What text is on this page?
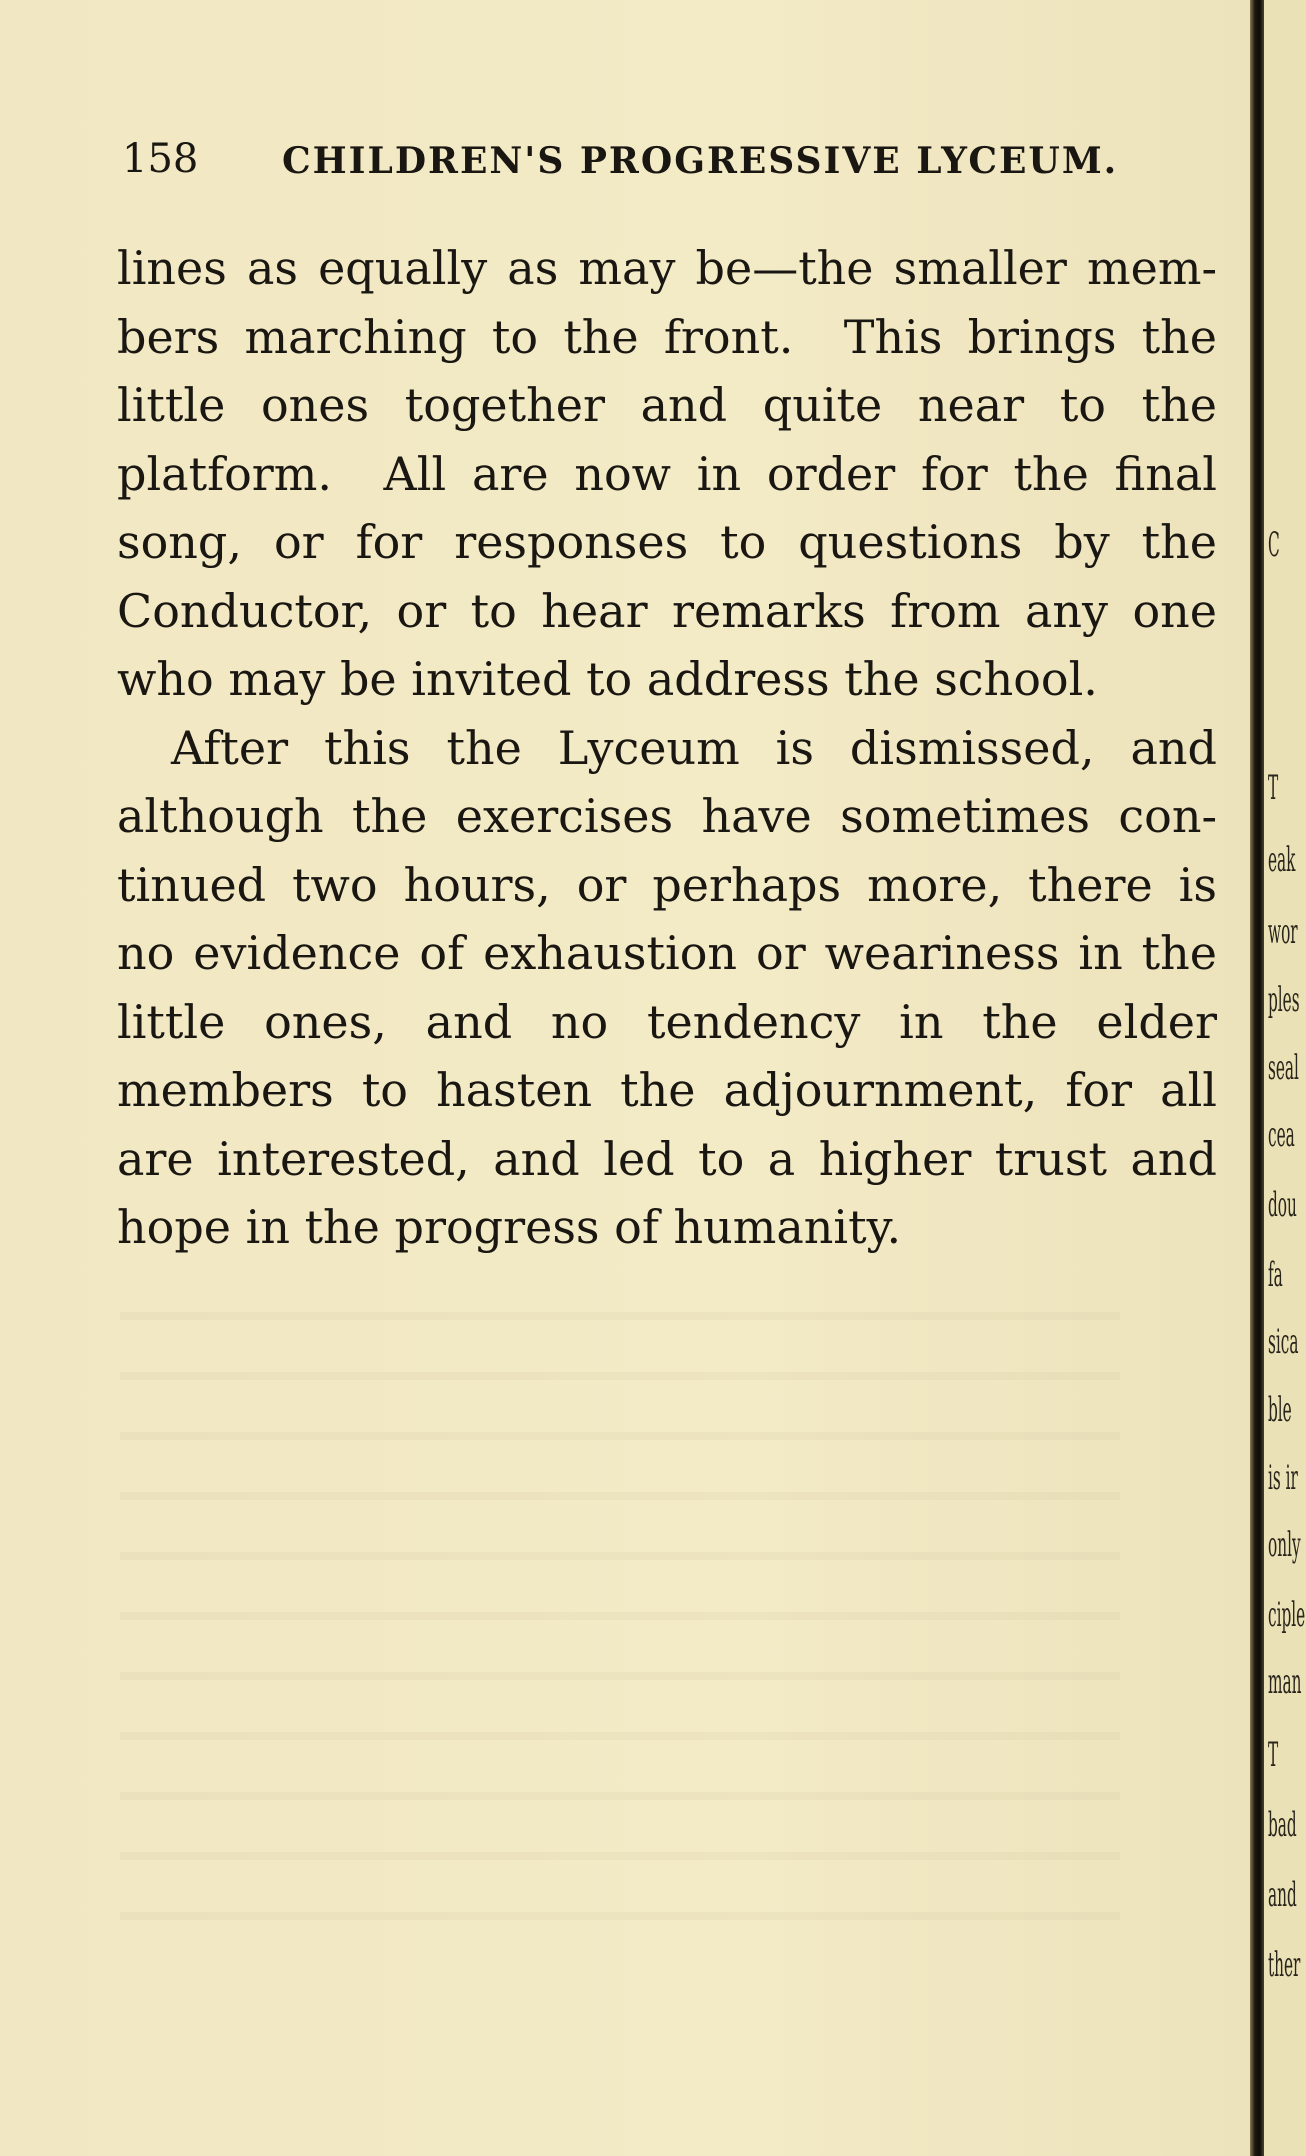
158 CHILDREN'S PROGRESSIVE LYCEUM.
lines as equally as may be—the smaller mem-
bers marching to the front.  This brings the
little ones together and quite near to the
platform.  All are now in order for the final
song, or for responses to questions by the
Conductor, or to hear remarks from any one
who may be invited to address the school.
After this the Lyceum is dismissed, and
although the exercises have sometimes con-
tinued two hours, or perhaps more, there is
no evidence of exhaustion or weariness in the
little ones, and no tendency in the elder
members to hasten the adjournment, for all
are interested, and led to a higher trust and
hope in the progress of humanity.
C
T
eak
wor
ples
seal
cea
dou
fa
sica
ble
is ir
only
ciple
man
T
bad
and
ther
